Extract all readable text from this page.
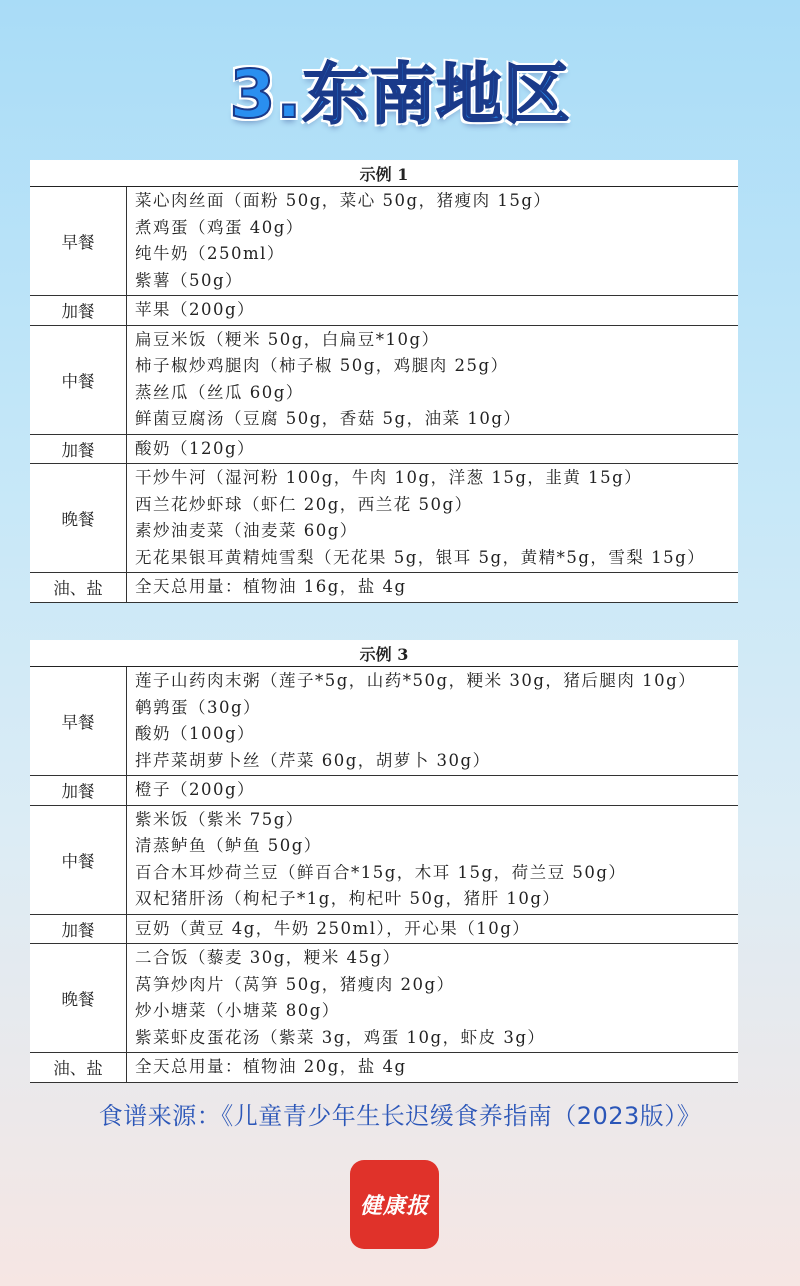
3.东南地区
示例 1	
早餐	菜心肉丝面（面粉 50g，菜心 50g，猪瘦肉 15g）
煮鸡蛋（鸡蛋 40g）
纯牛奶（250ml）
紫薯（50g）

加餐	苹果（200g）

中餐	扁豆米饭（粳米 50g，白扁豆*10g）
柿子椒炒鸡腿肉（柿子椒 50g，鸡腿肉 25g）
蒸丝瓜（丝瓜 60g）
鲜菌豆腐汤（豆腐 50g，香菇 5g，油菜 10g）

加餐	酸奶（120g）

晚餐	干炒牛河（湿河粉 100g，牛肉 10g，洋葱 15g，韭黄 15g）
西兰花炒虾球（虾仁 20g，西兰花 50g）
素炒油麦菜（油麦菜 60g）
无花果银耳黄精炖雪梨（无花果 5g，银耳 5g，黄精*5g，雪梨 15g）

油、盐	全天总用量：植物油 16g，盐 4g
示例 3	
早餐	莲子山药肉末粥（莲子*5g，山药*50g，粳米 30g，猪后腿肉 10g）
鹌鹑蛋（30g）
酸奶（100g）
拌芹菜胡萝卜丝（芹菜 60g，胡萝卜 30g）

加餐	橙子（200g）

中餐	紫米饭（紫米 75g）
清蒸鲈鱼（鲈鱼 50g）
百合木耳炒荷兰豆（鲜百合*15g，木耳 15g，荷兰豆 50g）
双杞猪肝汤（枸杞子*1g，枸杞叶 50g，猪肝 10g）

加餐	豆奶（黄豆 4g，牛奶 250ml），开心果（10g）

晚餐	二合饭（藜麦 30g，粳米 45g）
莴笋炒肉片（莴笋 50g，猪瘦肉 20g）
炒小塘菜（小塘菜 80g）
紫菜虾皮蛋花汤（紫菜 3g，鸡蛋 10g，虾皮 3g）

油、盐	全天总用量：植物油 20g，盐 4g
食谱来源：《儿童青少年生长迟缓食养指南（2023版）》
健康报
